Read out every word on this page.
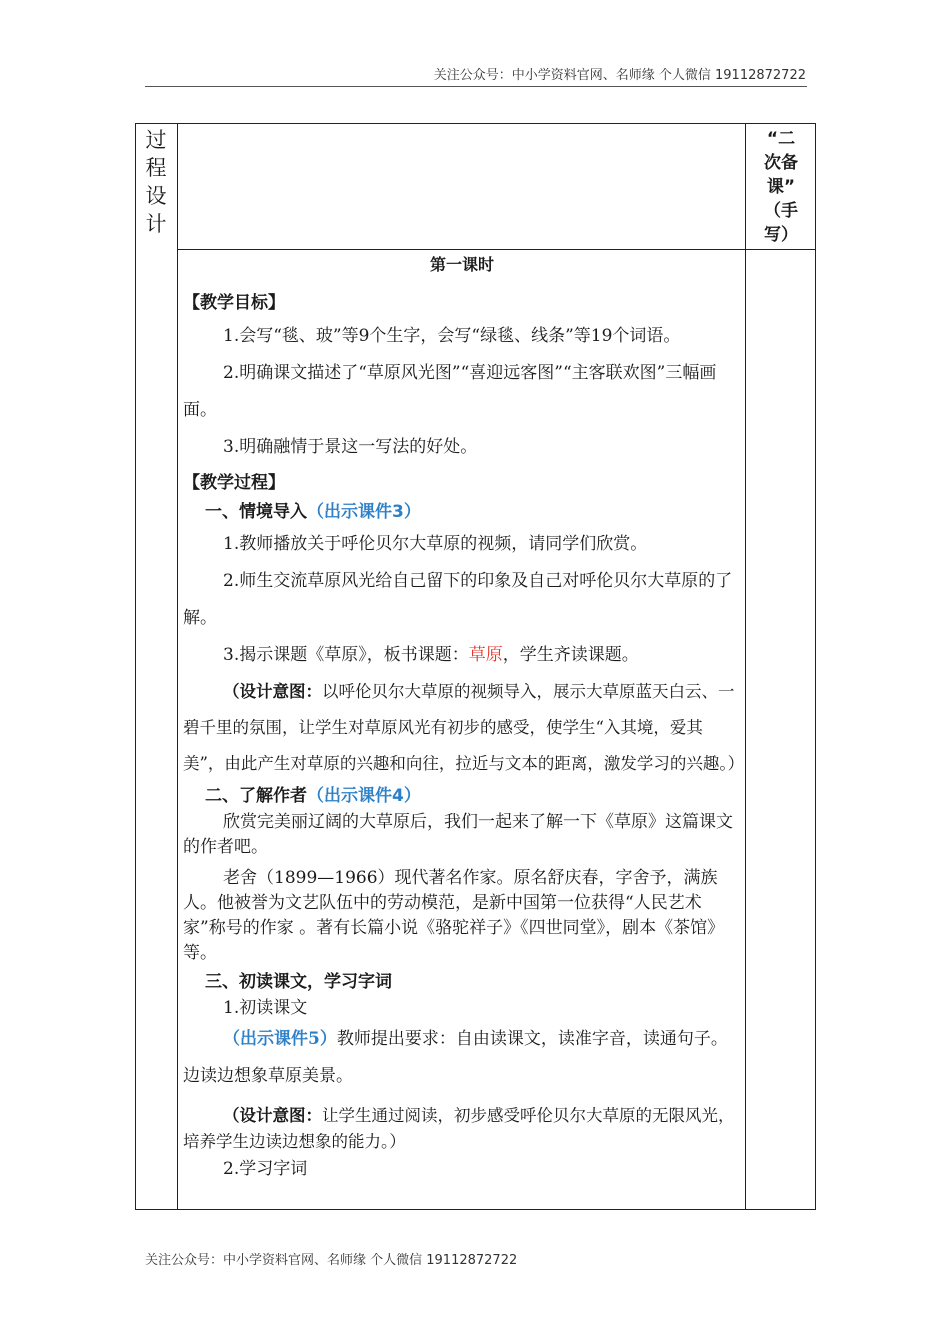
关注公众号：中小学资料官网、名师缘 个人微信 19112872722
过
程
设
计
“二
次备
课”
（手
写）

第一课时

【教学目标】

1.会写“毯、玻”等9个生字，会写“绿毯、线条”等19个词语。

2.明确课文描述了“草原风光图”“喜迎远客图”“主客联欢图”三幅画面。

3.明确融情于景这一写法的好处。

【教学过程】

一、情境导入（出示课件3）

1.教师播放关于呼伦贝尔大草原的视频，请同学们欣赏。

2.师生交流草原风光给自己留下的印象及自己对呼伦贝尔大草原的了解。

3.揭示课题《草原》，板书课题：草原，学生齐读课题。

（设计意图：以呼伦贝尔大草原的视频导入，展示大草原蓝天白云、一碧千里的氛围，让学生对草原风光有初步的感受，使学生“入其境，爱其美”，由此产生对草原的兴趣和向往，拉近与文本的距离，激发学习的兴趣。）

二、了解作者（出示课件4）

欣赏完美丽辽阔的大草原后，我们一起来了解一下《草原》这篇课文的作者吧。

老舍（1899—1966）现代著名作家。原名舒庆春，字舍予，满族人。他被誉为文艺队伍中的劳动模范，是新中国第一位获得“人民艺术家”称号的作家 。著有长篇小说《骆驼祥子》《四世同堂》，剧本《茶馆》等。

三、初读课文，学习字词

1.初读课文

（出示课件5）教师提出要求：自由读课文，读准字音，读通句子。边读边想象草原美景。

（设计意图：让学生通过阅读，初步感受呼伦贝尔大草原的无限风光，培养学生边读边想象的能力。）

2.学习字词

关注公众号：中小学资料官网、名师缘 个人微信 19112872722
